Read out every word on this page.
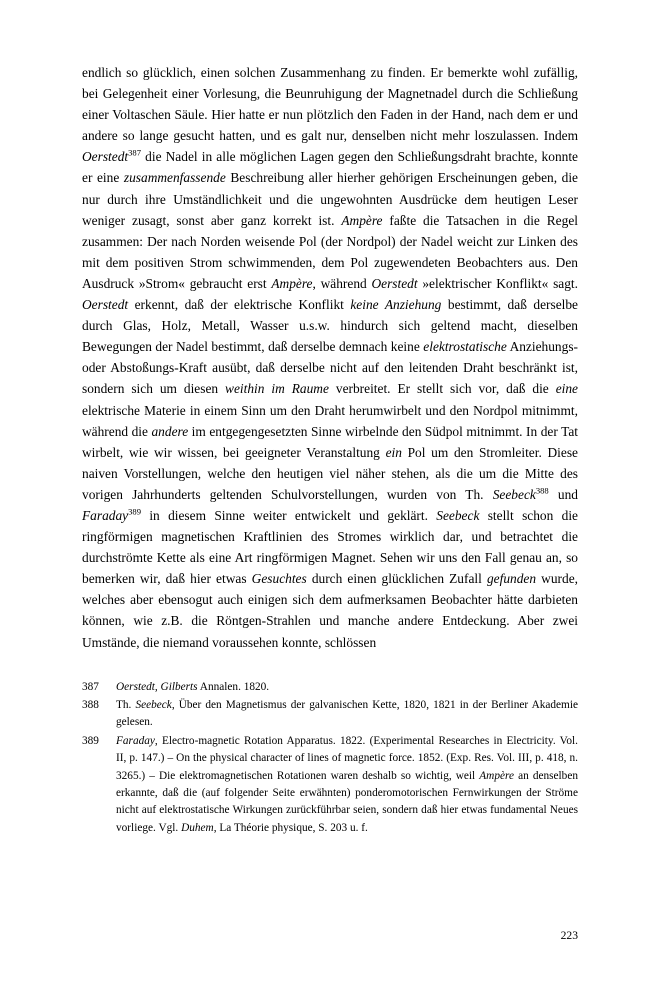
endlich so glücklich, einen solchen Zusammenhang zu finden. Er bemerkte wohl zufällig, bei Gelegenheit einer Vorlesung, die Beunruhigung der Magnetnadel durch die Schließung einer Voltaschen Säule. Hier hatte er nun plötzlich den Faden in der Hand, nach dem er und andere so lange gesucht hatten, und es galt nur, denselben nicht mehr loszulassen. Indem Oerstedt$^{387}$ die Nadel in alle möglichen Lagen gegen den Schließungsdraht brachte, konnte er eine zusammenfassende Beschreibung aller hierher gehörigen Erscheinungen geben, die nur durch ihre Umständlichkeit und die ungewohnten Ausdrücke dem heutigen Leser weniger zusagt, sonst aber ganz korrekt ist. Ampère faßte die Tatsachen in die Regel zusammen: Der nach Norden weisende Pol (der Nordpol) der Nadel weicht zur Linken des mit dem positiven Strom schwimmenden, dem Pol zugewendeten Beobachters aus. Den Ausdruck »Strom« gebraucht erst Ampère, während Oerstedt »elektrischer Konflikt« sagt. Oerstedt erkennt, daß der elektrische Konflikt keine Anziehung bestimmt, daß derselbe durch Glas, Holz, Metall, Wasser u.s.w. hindurch sich geltend macht, dieselben Bewegungen der Nadel bestimmt, daß derselbe demnach keine elektrostatische Anziehungs- oder Abstoßungs-Kraft ausübt, daß derselbe nicht auf den leitenden Draht beschränkt ist, sondern sich um diesen weithin im Raume verbreitet. Er stellt sich vor, daß die eine elektrische Materie in einem Sinn um den Draht herumwirbelt und den Nordpol mitnimmt, während die andere im entgegengesetzten Sinne wirbelnde den Südpol mitnimmt. In der Tat wirbelt, wie wir wissen, bei geeigneter Veranstaltung ein Pol um den Stromleiter. Diese naiven Vorstellungen, welche den heutigen viel näher stehen, als die um die Mitte des vorigen Jahrhunderts geltenden Schulvorstellungen, wurden von Th. Seebeck$^{388}$ und Faraday$^{389}$ in diesem Sinne weiter entwickelt und geklärt. Seebeck stellt schon die ringförmigen magnetischen Kraftlinien des Stromes wirklich dar, und betrachtet die durchströmte Kette als eine Art ringförmigen Magnet. Sehen wir uns den Fall genau an, so bemerken wir, daß hier etwas Gesuchtes durch einen glücklichen Zufall gefunden wurde, welches aber ebensogut auch einigen sich dem aufmerksamen Beobachter hätte darbieten können, wie z.B. die Röntgen-Strahlen und manche andere Entdeckung. Aber zwei Umstände, die niemand voraussehen konnte, schlössen

387	Oerstedt, Gilberts Annalen. 1820.
388	Th. Seebeck, Über den Magnetismus der galvanischen Kette, 1820, 1821 in der Berliner Akademie gelesen.
389	Faraday, Electro-magnetic Rotation Apparatus. 1822. (Experimental Researches in Electricity. Vol. II, p. 147.) – On the physical character of lines of magnetic force. 1852. (Exp. Res. Vol. III, p. 418, n. 3265.) – Die elektromagnetischen Rotationen waren deshalb so wichtig, weil Ampère an denselben erkannte, daß die (auf folgender Seite erwähnten) ponderomotorischen Fernwirkungen der Ströme nicht auf elektrostatische Wirkungen zurückführbar seien, sondern daß hier etwas fundamental Neues vorliege. Vgl. Duhem, La Théorie physique, S. 203 u. f.
223
